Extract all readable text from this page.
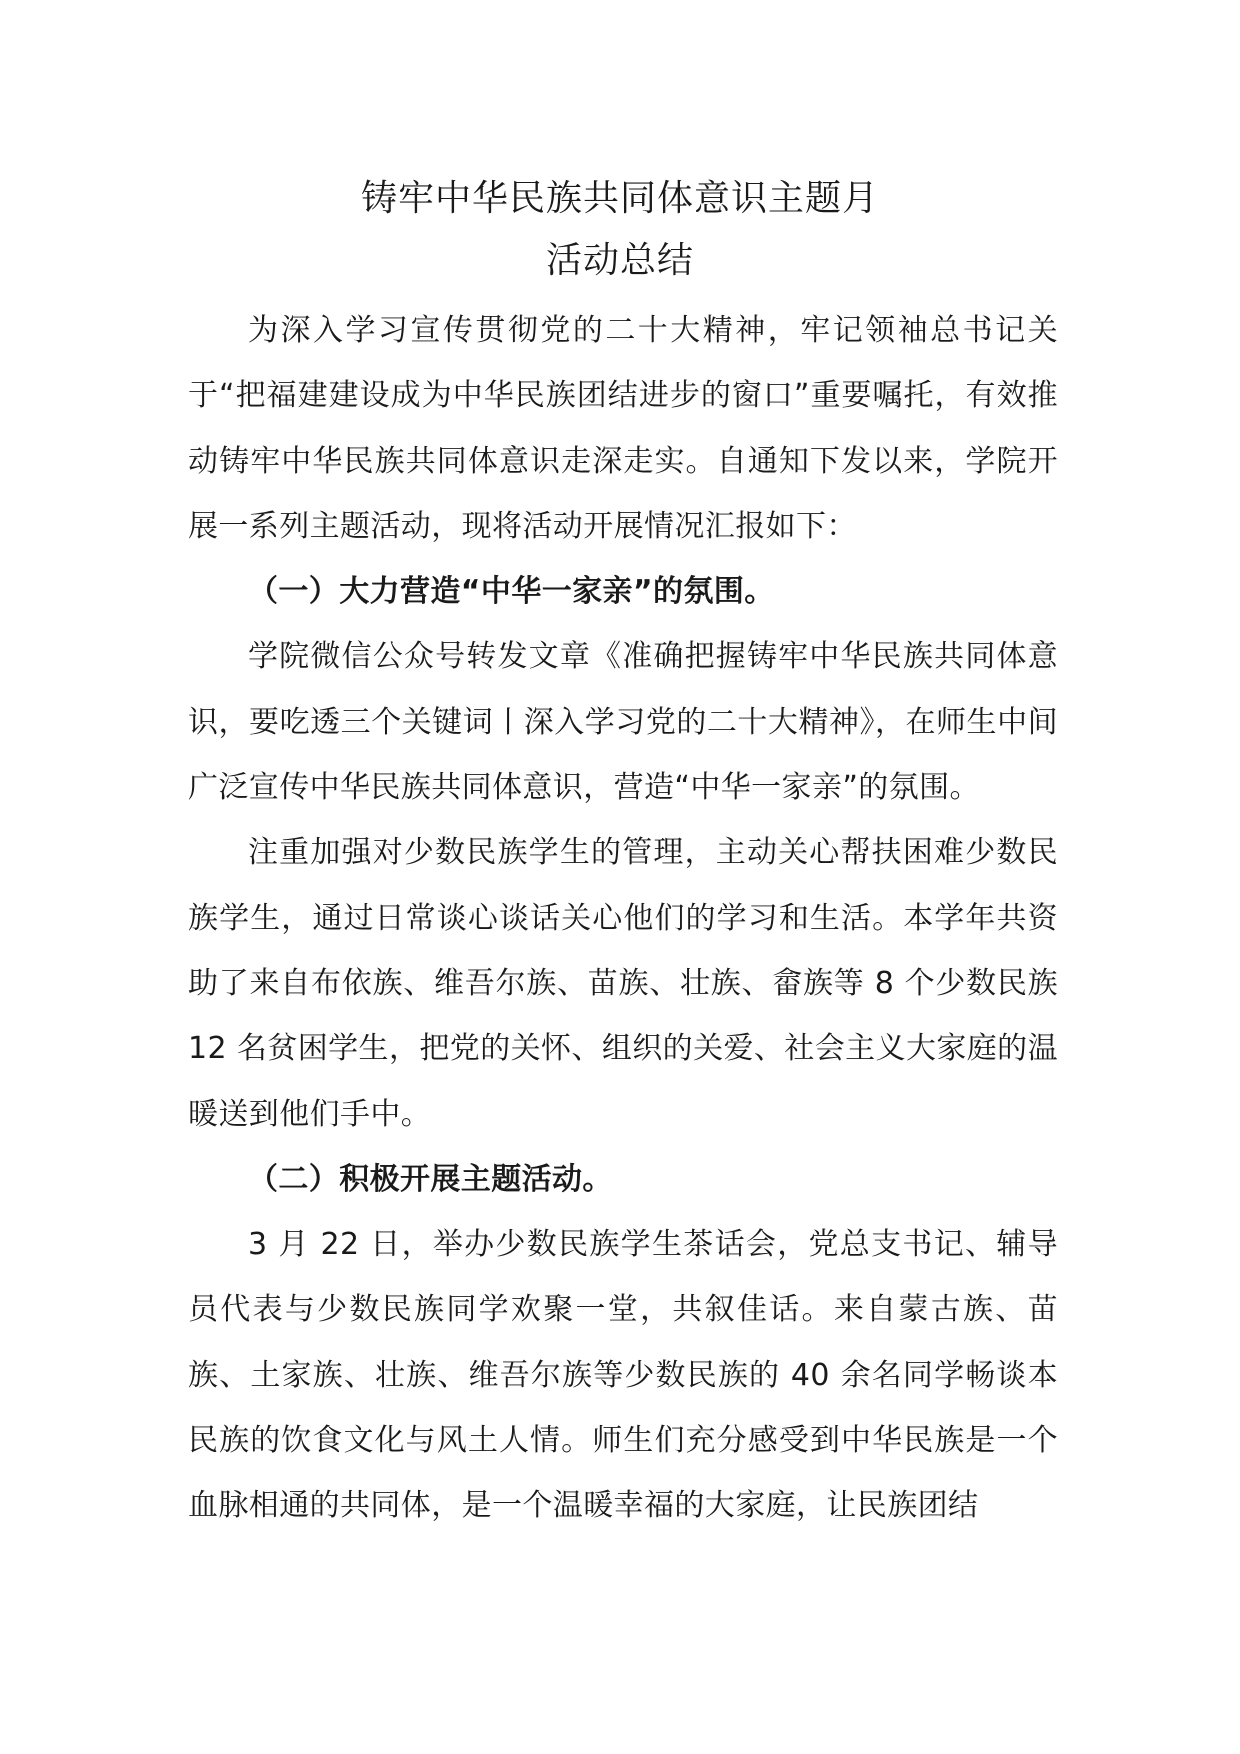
铸牢中华民族共同体意识主题月
活动总结

为深入学习宣传贯彻党的二十大精神，牢记领袖总书记关于“把福建建设成为中华民族团结进步的窗口”重要嘱托，有效推动铸牢中华民族共同体意识走深走实。自通知下发以来，学院开展一系列主题活动，现将活动开展情况汇报如下：

（一）大力营造“中华一家亲”的氛围。

学院微信公众号转发文章《准确把握铸牢中华民族共同体意识，要吃透三个关键词丨深入学习党的二十大精神》，在师生中间广泛宣传中华民族共同体意识，营造“中华一家亲”的氛围。

注重加强对少数民族学生的管理，主动关心帮扶困难少数民族学生，通过日常谈心谈话关心他们的学习和生活。本学年共资助了来自布依族、维吾尔族、苗族、壮族、畲族等 8 个少数民族 12 名贫困学生，把党的关怀、组织的关爱、社会主义大家庭的温暖送到他们手中。

（二）积极开展主题活动。

3 月 22 日，举办少数民族学生茶话会，党总支书记、辅导员代表与少数民族同学欢聚一堂，共叙佳话。来自蒙古族、苗族、土家族、壮族、维吾尔族等少数民族的 40 余名同学畅谈本民族的饮食文化与风土人情。师生们充分感受到中华民族是一个血脉相通的共同体，是一个温暖幸福的大家庭，让民族团结
